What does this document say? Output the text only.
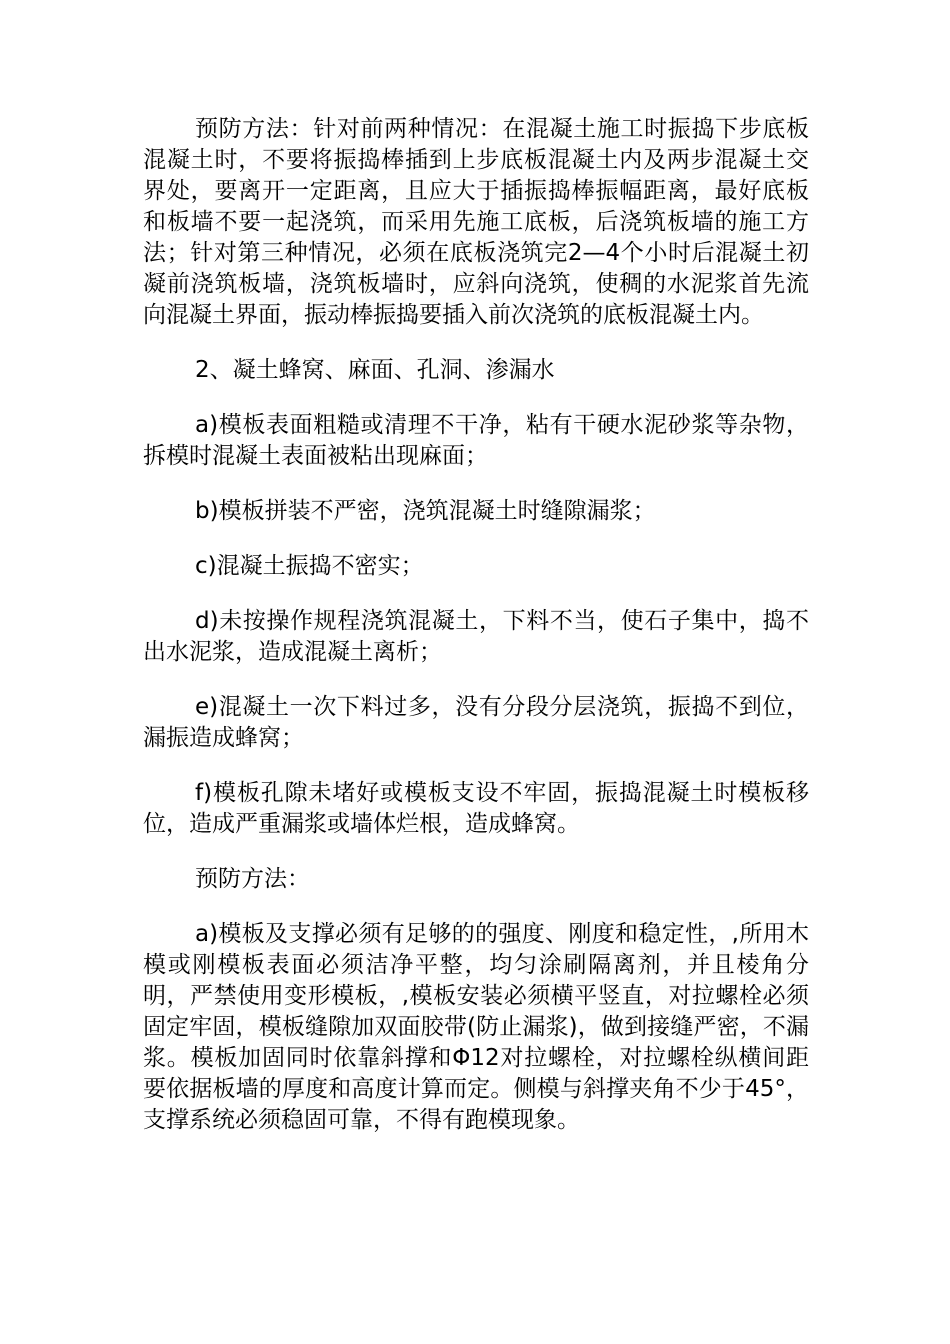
预防方法：针对前两种情况：在混凝土施工时振捣下步底板混凝土时，不要将振捣棒插到上步底板混凝土内及两步混凝土交界处，要离开一定距离，且应大于插振捣棒振幅距离，最好底板和板墙不要一起浇筑，而采用先施工底板，后浇筑板墙的施工方法；针对第三种情况，必须在底板浇筑完2—4个小时后混凝土初凝前浇筑板墙，浇筑板墙时，应斜向浇筑，使稠的水泥浆首先流向混凝土界面，振动棒振捣要插入前次浇筑的底板混凝土内。

2、凝土蜂窝、麻面、孔洞、渗漏水

a)模板表面粗糙或清理不干净，粘有干硬水泥砂浆等杂物，拆模时混凝土表面被粘出现麻面；

b)模板拼装不严密，浇筑混凝土时缝隙漏浆；

c)混凝土振捣不密实；

d)未按操作规程浇筑混凝土，下料不当，使石子集中，捣不出水泥浆，造成混凝土离析；

e)混凝土一次下料过多，没有分段分层浇筑，振捣不到位，漏振造成蜂窝；

f)模板孔隙未堵好或模板支设不牢固，振捣混凝土时模板移位，造成严重漏浆或墙体烂根，造成蜂窝。

预防方法：

a)模板及支撑必须有足够的的强度、刚度和稳定性，,所用木模或刚模板表面必须洁净平整，均匀涂刷隔离剂，并且棱角分明，严禁使用变形模板，,模板安装必须横平竖直，对拉螺栓必须固定牢固，模板缝隙加双面胶带(防止漏浆)，做到接缝严密，不漏浆。模板加固同时依靠斜撑和Φ12对拉螺栓，对拉螺栓纵横间距要依据板墙的厚度和高度计算而定。侧模与斜撑夹角不少于45°，支撑系统必须稳固可靠，不得有跑模现象。
